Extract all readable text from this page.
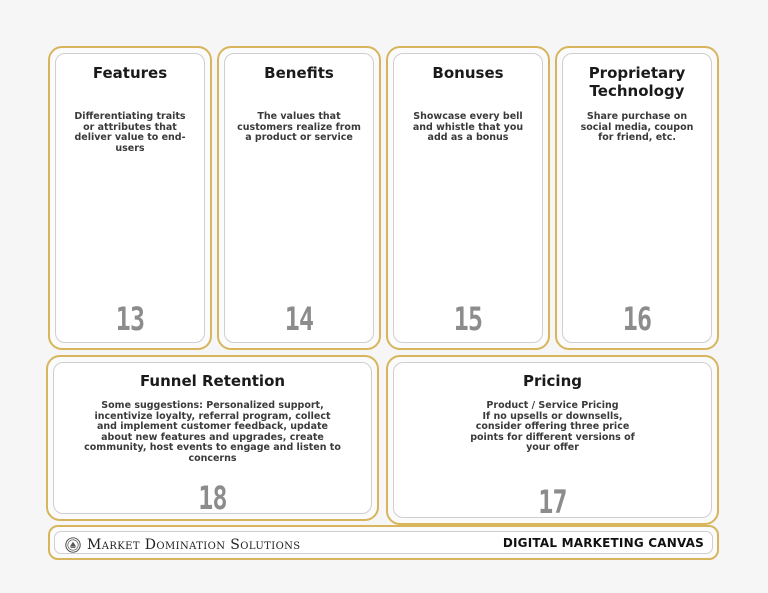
Features
Differentiating traits or attributes that deliver value to end-users
13
Benefits
The values that customers realize from a product or service
14
Bonuses
Showcase every bell and whistle that you add as a bonus
15
Proprietary Technology
Share purchase on social media, coupon for friend, etc.
16
Funnel Retention
Some suggestions: Personalized support, incentivize loyalty, referral program, collect and implement customer feedback, update about new features and upgrades, create community, host events to engage and listen to concerns
18
Pricing
Product / Service Pricing
If no upsells or downsells, consider offering three price points for different versions of your offer
17
Market Domination Solutions	DIGITAL MARKETING CANVAS
